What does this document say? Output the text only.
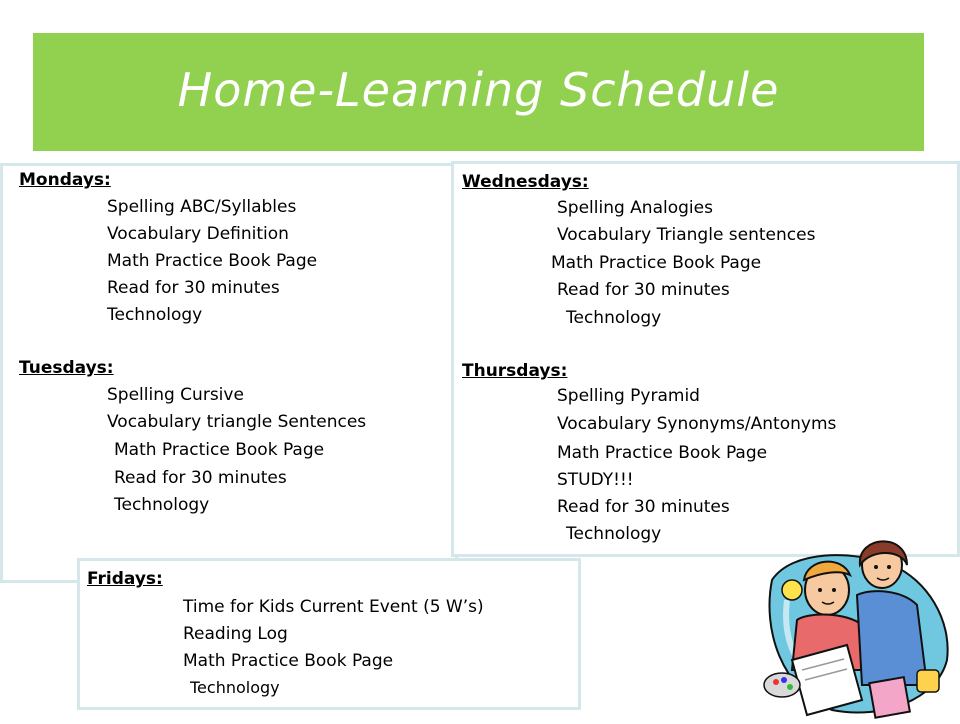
Home-Learning Schedule
Mondays:
Spelling ABC/Syllables
Vocabulary Definition
Math Practice Book Page
Read for 30 minutes
Technology
Tuesdays:
Spelling Cursive
Vocabulary triangle Sentences
Math Practice Book Page
Read for 30 minutes
Technology
Wednesdays:
Spelling Analogies
Vocabulary Triangle sentences
Math Practice Book Page
Read for 30 minutes
Technology
Thursdays:
Spelling Pyramid
Vocabulary Synonyms/Antonyms
Math Practice Book Page
STUDY!!!
Read for 30 minutes
Technology
Fridays:
Time for Kids Current Event (5 W’s)
Reading Log
Math Practice Book Page
Technology
